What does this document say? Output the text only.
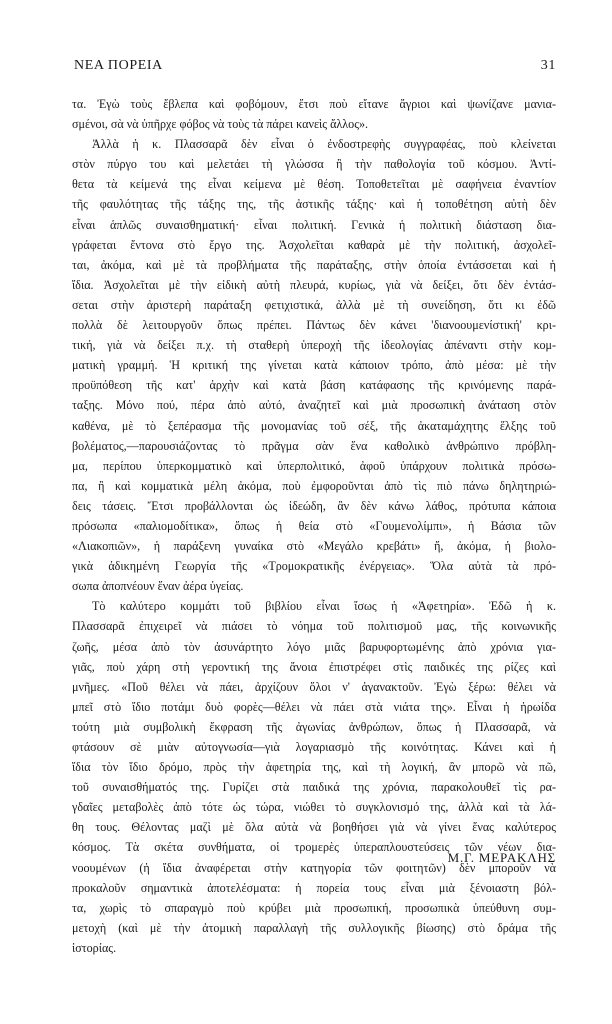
ΝΕΑ ΠΟΡΕΙΑ	31
τα. Ἐγὼ τοὺς ἔβλεπα καὶ φοβόμουν, ἔτσι ποὺ εἴτανε ἄγριοι καὶ ψωνίζανε μανια-
σμένοι, σὰ νὰ ὑπῆρχε φόβος νὰ τοὺς τὰ πάρει κανεὶς ἄλλος».
Ἀλλὰ ἡ κ. Πλασσαρᾶ δὲν εἶναι ὁ ἐνδοστρεφὴς συγγραφέας, ποὺ κλείνεται
στὸν πύργο του καὶ μελετάει τὴ γλώσσα ἢ τὴν παθολογία τοῦ κόσμου. Ἀντί-
θετα τὰ κείμενά της εἶναι κείμενα μὲ θέση. Τοποθετεῖται μὲ σαφήνεια ἐναντίον
τῆς φαυλότητας τῆς τάξης της, τῆς ἀστικῆς τάξης· καὶ ἡ τοποθέτηση αὐτὴ δὲν
εἶναι ἁπλῶς συναισθηματική· εἶναι πολιτική. Γενικὰ ἡ πολιτικὴ διάσταση δια-
γράφεται ἔντονα στὸ ἔργο της. Ἀσχολεῖται καθαρὰ μὲ τὴν πολιτική, ἀσχολεῖ-
ται, ἀκόμα, καὶ μὲ τὰ προβλήματα τῆς παράταξης, στὴν ὁποία ἐντάσσεται καὶ ἡ
ἴδια. Ἀσχολεῖται μὲ τὴν εἰδικὴ αὐτὴ πλευρά, κυρίως, γιὰ νὰ δείξει, ὅτι δὲν ἐντάσ-
σεται στὴν ἀριστερὴ παράταξη φετιχιστικά, ἀλλὰ μὲ τὴ συνείδηση, ὅτι κι ἐδῶ
πολλὰ δὲ λειτουργοῦν ὅπως πρέπει. Πάντως δὲν κάνει 'διανοουμενίστική' κρι-
τική, γιὰ νὰ δείξει π.χ. τὴ σταθερὴ ὑπεροχὴ τῆς ἰδεολογίας ἀπέναντι στὴν κομ-
ματικὴ γραμμή. Ἡ κριτική της γίνεται κατὰ κάποιον τρόπο, ἀπὸ μέσα: μὲ τὴν
προϋπόθεση τῆς κατ' ἀρχὴν καὶ κατὰ βάση κατάφασης τῆς κρινόμενης παρά-
ταξης. Μόνο πού, πέρα ἀπὸ αὐτό, ἀναζητεῖ καὶ μιὰ προσωπικὴ ἀνάταση στὸν
καθένα, μὲ τὸ ξεπέρασμα τῆς μονομανίας τοῦ σέξ, τῆς ἀκαταμάχητης ἕλξης τοῦ
βολέματος,—παρουσιάζοντας τὸ πρᾶγμα σὰν ἕνα καθολικὸ ἀνθρώπινο πρόβλη-
μα, περίπου ὑπερκομματικὸ καὶ ὑπερπολιτικό, ἀφοῦ ὑπάρχουν πολιτικὰ πρόσω-
πα, ἢ καὶ κομματικὰ μέλη ἀκόμα, ποὺ ἐμφοροῦνται ἀπὸ τὶς πιὸ πάνω δηλητηριώ-
δεις τάσεις. Ἔτσι προβάλλονται ὡς ἰδεώδη, ἂν δὲν κάνω λάθος, πρότυπα κάποια
πρόσωπα «παλιομοδίτικα», ὅπως ἡ θεία στὸ «Γουμενολίμπι», ἡ Βάσια τῶν
«Λιακοπιῶν», ἡ παράξενη γυναίκα στὸ «Μεγάλο κρεβάτι» ἤ, ἀκόμα, ἡ βιολο-
γικὰ ἀδικημένη Γεωργία τῆς «Τρομοκρατικῆς ἐνέργειας». Ὅλα αὐτὰ τὰ πρό-
σωπα ἀποπνέουν ἕναν ἀέρα ὑγείας.
Τὸ καλύτερο κομμάτι τοῦ βιβλίου εἶναι ἴσως ἡ «Ἀφετηρία». Ἐδῶ ἡ κ.
Πλασσαρᾶ ἐπιχειρεῖ νὰ πιάσει τὸ νόημα τοῦ πολιτισμοῦ μας, τῆς κοινωνικῆς
ζωῆς, μέσα ἀπὸ τὸν ἀσυνάρτητο λόγο μιᾶς βαρυφορτωμένης ἀπὸ χρόνια για-
γιᾶς, ποὺ χάρη στὴ γεροντική της ἄνοια ἐπιστρέφει στὶς παιδικές της ρίζες καὶ
μνῆμες. «Ποῦ θέλει νὰ πάει, ἀρχίζουν ὅλοι ν' ἀγανακτοῦν. Ἐγὼ ξέρω: θέλει νὰ
μπεῖ στὸ ἴδιο ποτάμι δυὸ φορὲς—θέλει νὰ πάει στὰ νιάτα της». Εἶναι ἡ ἡρωίδα
τούτη μιὰ συμβολικὴ ἔκφραση τῆς ἀγωνίας ἀνθρώπων, ὅπως ἡ Πλασσαρᾶ, νὰ
φτάσουν σὲ μιὰν αὐτογνωσία—γιὰ λογαριασμὸ τῆς κοινότητας. Κάνει καὶ ἡ
ἴδια τὸν ἴδιο δρόμο, πρὸς τὴν ἀφετηρία της, καὶ τὴ λογική, ἂν μπορῶ νὰ πῶ,
τοῦ συναισθήματός της. Γυρίζει στὰ παιδικά της χρόνια, παρακολουθεῖ τὶς ρα-
γδαῖες μεταβολὲς ἀπὸ τότε ὡς τώρα, νιώθει τὸ συγκλονισμό της, ἀλλὰ καὶ τὰ λά-
θη τους. Θέλοντας μαζὶ μὲ ὅλα αὐτὰ νὰ βοηθήσει γιὰ νὰ γίνει ἕνας καλύτερος
κόσμος. Τὰ σκέτα συνθήματα, οἱ τρομερὲς ὑπεραπλουστεύσεις τῶν νέων δια-
νοουμένων (ἡ ἴδια ἀναφέρεται στὴν κατηγορία τῶν φοιτητῶν) δὲν μποροῦν νὰ
προκαλοῦν σημαντικὰ ἀποτελέσματα: ἡ πορεία τους εἶναι μιὰ ξένοιαστη βόλ-
τα, χωρὶς τὸ σπαραγμὸ ποὺ κρύβει μιὰ προσωπική, προσωπικὰ ὑπεύθυνη συμ-
μετοχὴ (καὶ μὲ τὴν ἀτομικὴ παραλλαγὴ τῆς συλλογικῆς βίωσης) στὸ δράμα τῆς
ἱστορίας.
Μ.Γ. ΜΕΡΑΚΛΗΣ
